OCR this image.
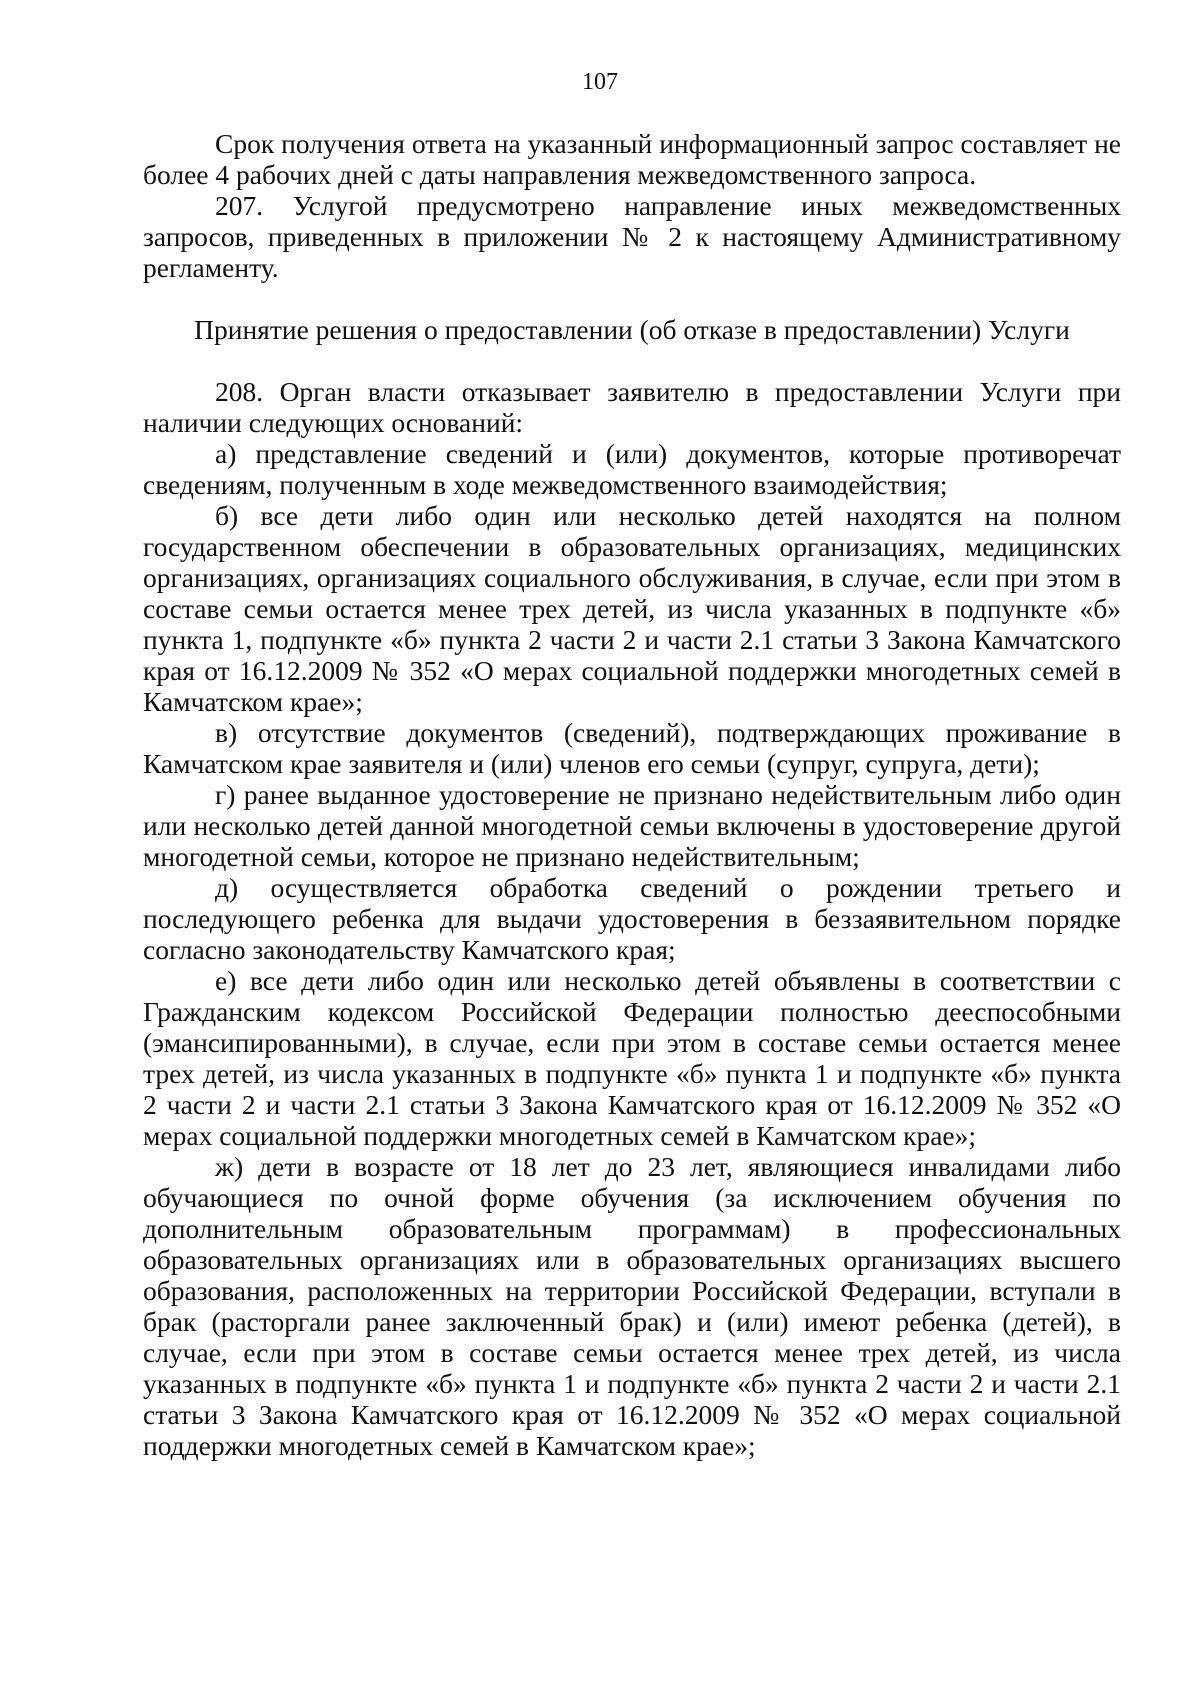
107

Срок получения ответа на указанный информационный запрос составляет не более 4 рабочих дней с даты направления межведомственного запроса.

207. Услугой предусмотрено направление иных межведомственных запросов, приведенных в приложении № 2 к настоящему Административному регламенту.

Принятие решения о предоставлении (об отказе в предоставлении) Услуги

208. Орган власти отказывает заявителю в предоставлении Услуги при наличии следующих оснований:

а) представление сведений и (или) документов, которые противоречат сведениям, полученным в ходе межведомственного взаимодействия;

б) все дети либо один или несколько детей находятся на полном государственном обеспечении в образовательных организациях, медицинских организациях, организациях социального обслуживания, в случае, если при этом в составе семьи остается менее трех детей, из числа указанных в подпункте «б» пункта 1, подпункте «б» пункта 2 части 2 и части 2.1 статьи 3 Закона Камчатского края от 16.12.2009 № 352 «О мерах социальной поддержки многодетных семей в Камчатском крае»;

в) отсутствие документов (сведений), подтверждающих проживание в Камчатском крае заявителя и (или) членов его семьи (супруг, супруга, дети);

г) ранее выданное удостоверение не признано недействительным либо один или несколько детей данной многодетной семьи включены в удостоверение другой многодетной семьи, которое не признано недействительным;

д) осуществляется обработка сведений о рождении третьего и последующего ребенка для выдачи удостоверения в беззаявительном порядке согласно законодательству Камчатского края;

е) все дети либо один или несколько детей объявлены в соответствии с Гражданским кодексом Российской Федерации полностью дееспособными (эмансипированными), в случае, если при этом в составе семьи остается менее трех детей, из числа указанных в подпункте «б» пункта 1 и подпункте «б» пункта 2 части 2 и части 2.1 статьи 3 Закона Камчатского края от 16.12.2009 № 352 «О мерах социальной поддержки многодетных семей в Камчатском крае»;

ж) дети в возрасте от 18 лет до 23 лет, являющиеся инвалидами либо обучающиеся по очной форме обучения (за исключением обучения по дополнительным образовательным программам) в профессиональных образовательных организациях или в образовательных организациях высшего образования, расположенных на территории Российской Федерации, вступали в брак (расторгали ранее заключенный брак) и (или) имеют ребенка (детей), в случае, если при этом в составе семьи остается менее трех детей, из числа указанных в подпункте «б» пункта 1 и подпункте «б» пункта 2 части 2 и части 2.1 статьи 3 Закона Камчатского края от 16.12.2009 № 352 «О мерах социальной поддержки многодетных семей в Камчатском крае»;
